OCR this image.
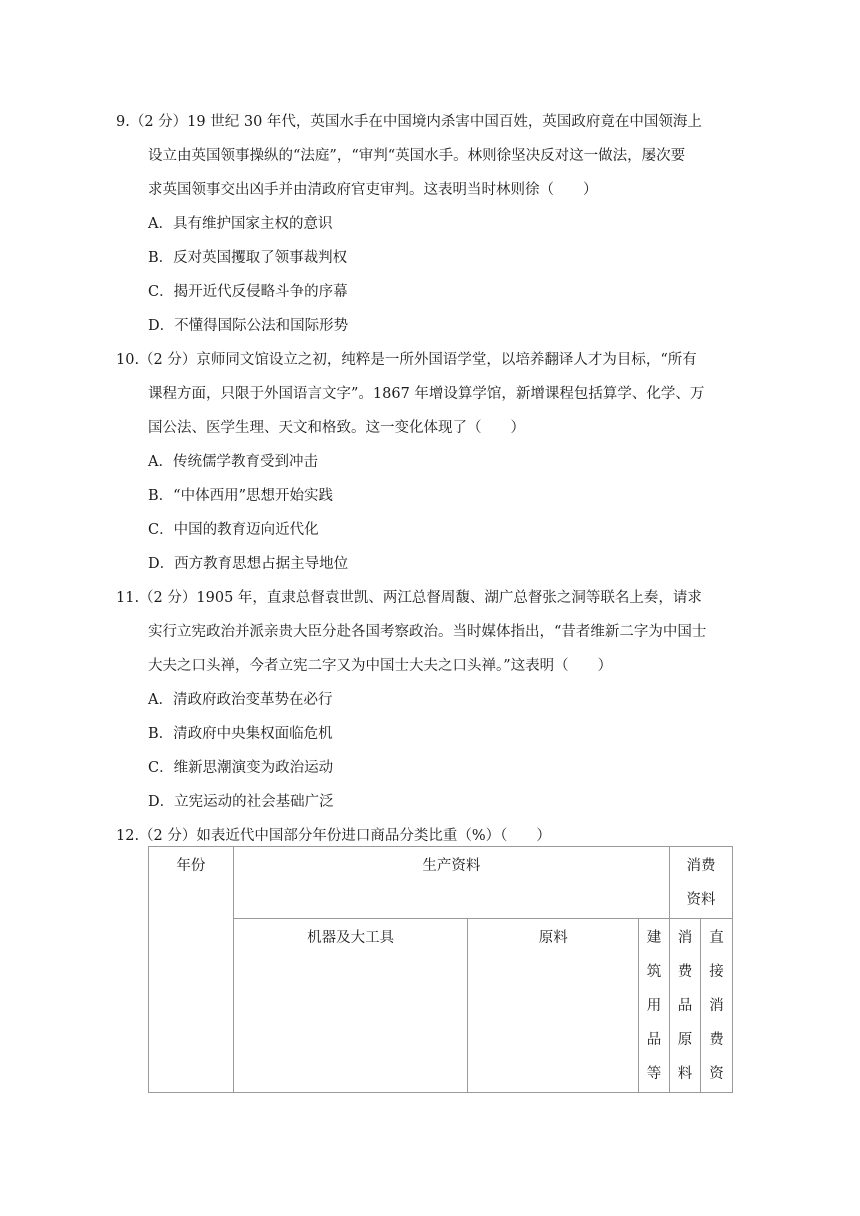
9.（2 分）19 世纪 30 年代，英国水手在中国境内杀害中国百姓，英国政府竟在中国领海上
设立由英国领事操纵的“法庭”，“审判“英国水手。林则徐坚决反对这一做法，屡次要
求英国领事交出凶手并由清政府官吏审判。这表明当时林则徐（　　）
A．具有维护国家主权的意识
B．反对英国攫取了领事裁判权
C．揭开近代反侵略斗争的序幕
D．不懂得国际公法和国际形势
10.（2 分）京师同文馆设立之初，纯粹是一所外国语学堂，以培养翻译人才为目标，“所有
课程方面，只限于外国语言文字”。1867 年增设算学馆，新增课程包括算学、化学、万
国公法、医学生理、天文和格致。这一变化体现了（　　）
A．传统儒学教育受到冲击
B．“中体西用”思想开始实践
C．中国的教育迈向近代化
D．西方教育思想占据主导地位
11.（2 分）1905 年，直隶总督袁世凯、两江总督周馥、湖广总督张之洞等联名上奏，请求
实行立宪政治并派亲贵大臣分赴各国考察政治。当时媒体指出，“昔者维新二字为中国士
大夫之口头禅，今者立宪二字又为中国士大夫之口头禅。”这表明（　　）
A．清政府政治变革势在必行
B．清政府中央集权面临危机
C．维新思潮演变为政治运动
D．立宪运动的社会基础广泛
12.（2 分）如表近代中国部分年份进口商品分类比重（%）（　　）
年份	生产资料			消费资料	

	机器及大工具	原料	建筑用品等	消费品原料	直接消费资
